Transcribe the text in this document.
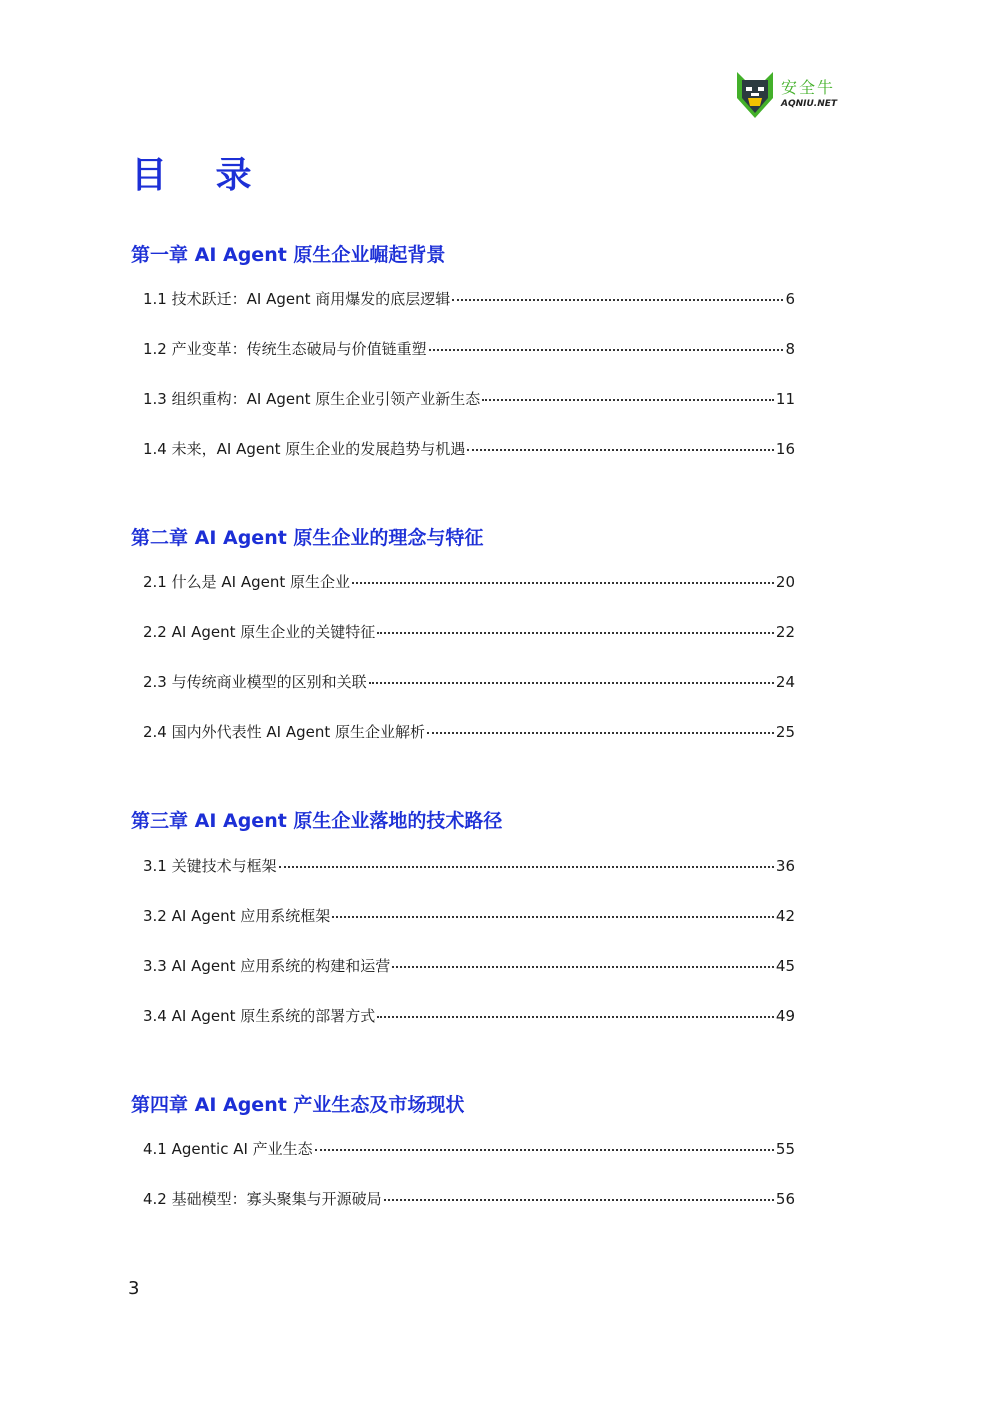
安全牛
AQNIU.NET
目 录
第一章 AI Agent 原生企业崛起背景
1.1 技术跃迁：AI Agent 商用爆发的底层逻辑	6
1.2 产业变革：传统生态破局与价值链重塑	8
1.3 组织重构：AI Agent 原生企业引领产业新生态	11
1.4 未来，AI Agent 原生企业的发展趋势与机遇	16
第二章 AI Agent 原生企业的理念与特征
2.1 什么是 AI Agent 原生企业	20
2.2 AI Agent 原生企业的关键特征	22
2.3 与传统商业模型的区别和关联	24
2.4 国内外代表性 AI Agent 原生企业解析	25
第三章 AI Agent 原生企业落地的技术路径
3.1 关键技术与框架	36
3.2 AI Agent 应用系统框架	42
3.3 AI Agent 应用系统的构建和运营	45
3.4 AI Agent 原生系统的部署方式	49
第四章 AI Agent 产业生态及市场现状
4.1 Agentic AI 产业生态	55
4.2 基础模型：寡头聚集与开源破局	56
3
